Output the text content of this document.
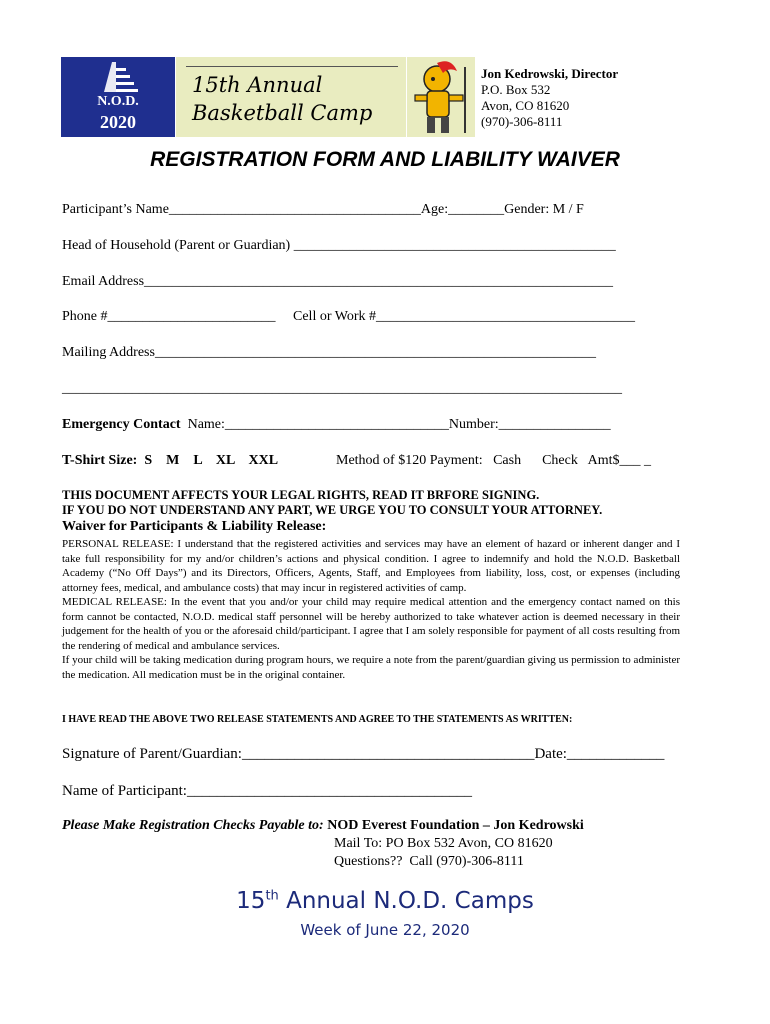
N.O.D.
2020
15th Annual
Basketball Camp
Jon Kedrowski, Director
P.O. Box 532
Avon, CO 81620
(970)-306-8111
REGISTRATION FORM AND LIABILITY WAIVER
Participant’s Name____________________________________Age:________Gender: M / F
Head of Household (Parent or Guardian) ______________________________________________
Email Address___________________________________________________________________
Phone #________________________     Cell or Work #_____________________________________
Mailing Address_______________________________________________________________
________________________________________________________________________________
Emergency Contact  Name:________________________________Number:________________
T-Shirt Size:  S    M    L    XL    XXL	Method of $120 Payment:   Cash      Check   Amt$___ _
THIS DOCUMENT AFFECTS YOUR LEGAL RIGHTS, READ IT BRFORE SIGNING.
IF YOU DO NOT UNDERSTAND ANY PART, WE URGE YOU TO CONSULT YOUR ATTORNEY.
Waiver for Participants & Liability Release:
PERSONAL RELEASE: I understand that the registered activities and services may have an element of hazard or inherent danger and I take full responsibility for my and/or children’s actions and physical condition. I agree to indemnify and hold the N.O.D. Basketball Academy (“No Off Days”) and its Directors, Officers, Agents, Staff, and Employees from liability, loss, cost, or expenses (including attorney fees, medical, and ambulance costs) that may incur in registered activities of camp.
MEDICAL RELEASE: In the event that you and/or your child may require medical attention and the emergency contact named on this form cannot be contacted, N.O.D. medical staff personnel will be hereby authorized to take whatever action is deemed necessary in their judgement for the health of you or the aforesaid child/participant. I agree that I am solely responsible for payment of all costs resulting from the rendering of medical and ambulance services.
If your child will be taking medication during program hours, we require a note from the parent/guardian giving us permission to administer the medication. All medication must be in the original container.
I HAVE READ THE ABOVE TWO RELEASE STATEMENTS AND AGREE TO THE STATEMENTS AS WRITTEN:
Signature of Parent/Guardian:_______________________________________Date:_____________
Name of Participant:______________________________________
Please Make Registration Checks Payable to: NOD Everest Foundation – Jon Kedrowski
Mail To: PO Box 532 Avon, CO 81620
Questions??  Call (970)-306-8111
15th Annual N.O.D. Camps
Week of June 22, 2020
